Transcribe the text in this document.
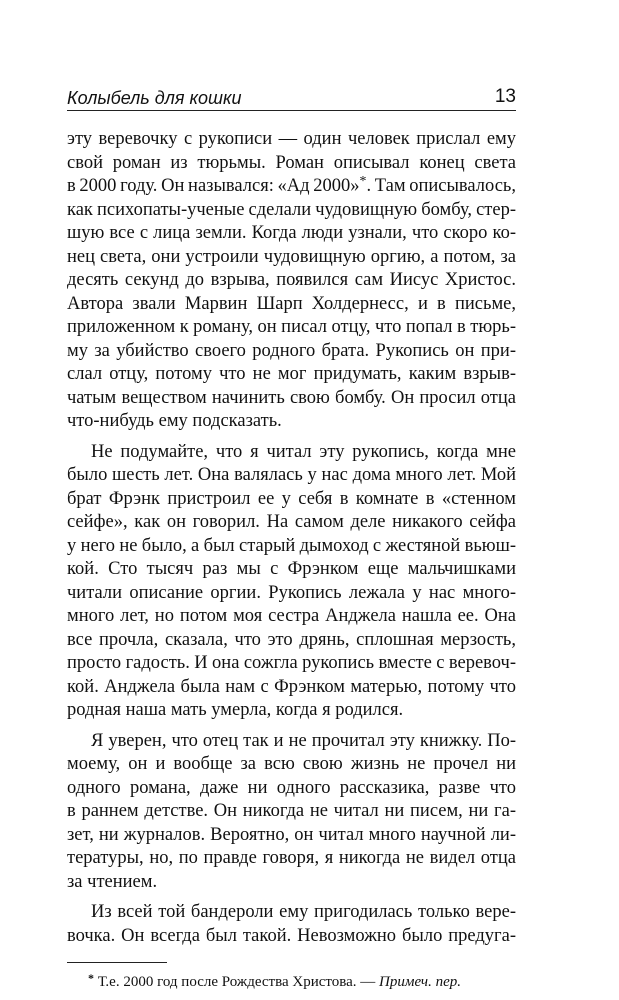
Колыбель для кошки	13
эту веревочку с рукописи — один человек прислал ему
свой роман из тюрьмы. Роман описывал конец света
в 2000 году. Он назывался: «Ад 2000»*. Там описывалось,
как психопаты-ученые сделали чудовищную бомбу, стер-
шую все с лица земли. Когда люди узнали, что скоро ко-
нец света, они устроили чудовищную оргию, а потом, за
десять секунд до взрыва, появился сам Иисус Христос.
Автора звали Марвин Шарп Холдернесс, и в письме,
приложенном к роману, он писал отцу, что попал в тюрь-
му за убийство своего родного брата. Рукопись он при-
слал отцу, потому что не мог придумать, каким взрыв-
чатым веществом начинить свою бомбу. Он просил отца
что-нибудь ему подсказать.
Не подумайте, что я читал эту рукопись, когда мне
было шесть лет. Она валялась у нас дома много лет. Мой
брат Фрэнк пристроил ее у себя в комнате в «стенном
сейфе», как он говорил. На самом деле никакого сейфа
у него не было, а был старый дымоход с жестяной вьюш-
кой. Сто тысяч раз мы с Фрэнком еще мальчишками
читали описание оргии. Рукопись лежала у нас много-
много лет, но потом моя сестра Анджела нашла ее. Она
все прочла, сказала, что это дрянь, сплошная мерзость,
просто гадость. И она сожгла рукопись вместе с веревоч-
кой. Анджела была нам с Фрэнком матерью, потому что
родная наша мать умерла, когда я родился.
Я уверен, что отец так и не прочитал эту книжку. По-
моему, он и вообще за всю свою жизнь не прочел ни
одного романа, даже ни одного рассказика, разве что
в раннем детстве. Он никогда не читал ни писем, ни га-
зет, ни журналов. Вероятно, он читал много научной ли-
тературы, но, по правде говоря, я никогда не видел отца
за чтением.
Из всей той бандероли ему пригодилась только вере-
вочка. Он всегда был такой. Невозможно было предуга-
* Т.е. 2000 год после Рождества Христова. — Примеч. пер.
